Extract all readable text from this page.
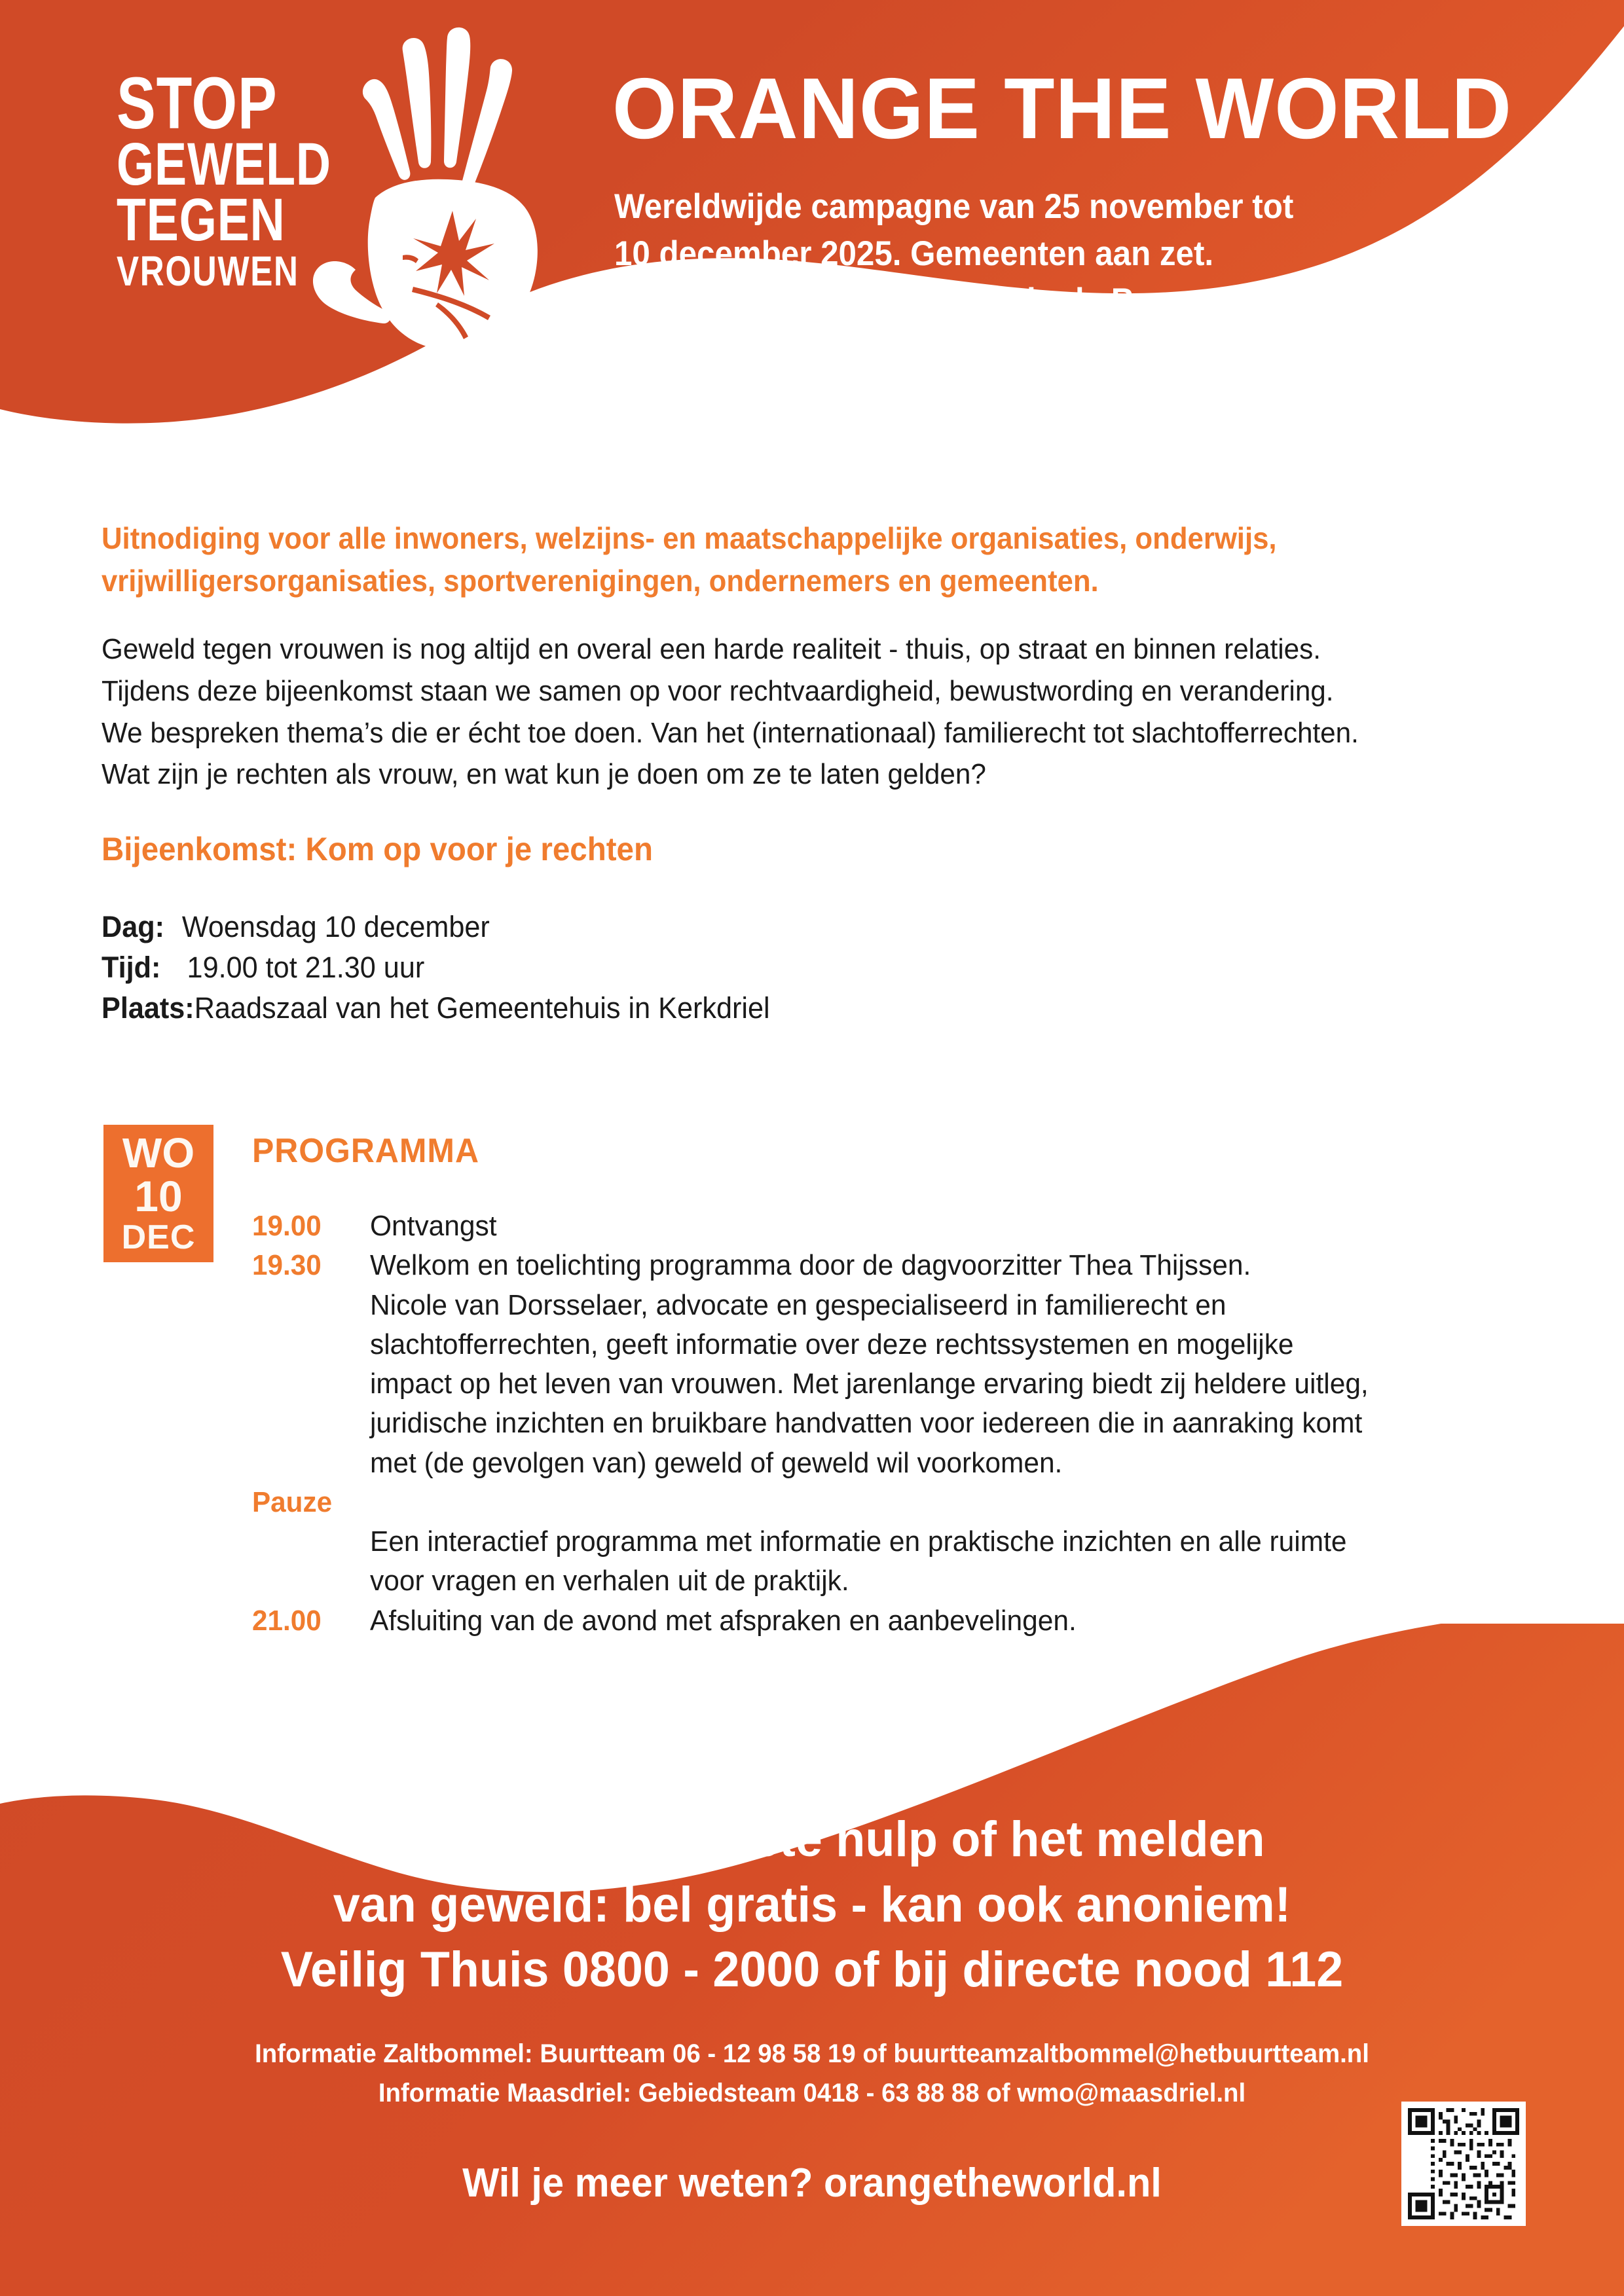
STOP
GEWELD
TEGEN
VROUWEN
ORANGE THE WORLD
Wereldwijde campagne van 25 november tot
10 december 2025. Gemeenten aan zet.
Veilig, overal en altijd, ook in de Bommelerwaard.
Uitnodiging voor alle inwoners, welzijns- en maatschappelijke organisaties, onderwijs,
vrijwilligersorganisaties, sportverenigingen, ondernemers en gemeenten.
Geweld tegen vrouwen is nog altijd en overal een harde realiteit - thuis, op straat en binnen relaties.
Tijdens deze bijeenkomst staan we samen op voor rechtvaardigheid, bewustwording en verandering.
We bespreken thema’s die er écht toe doen. Van het (internationaal) familierecht tot slachtofferrechten.
Wat zijn je rechten als vrouw, en wat kun je doen om ze te laten gelden?
Bijeenkomst: Kom op voor je rechten
Dag: Woensdag 10 december
Tijd: 19.00 tot 21.30 uur
Plaats:Raadszaal van het Gemeentehuis in Kerkdriel
WO
10
DEC
PROGRAMMA
19.00	Ontvangst
19.30	Welkom en toelichting programma door de dagvoorzitter Thea Thijssen.
Nicole van Dorsselaer, advocate en gespecialiseerd in familierecht en
slachtofferrechten, geeft informatie over deze rechtssystemen en mogelijke
impact op het leven van vrouwen. Met jarenlange ervaring biedt zij heldere uitleg,
juridische inzichten en bruikbare handvatten voor iedereen die in aanraking komt
met (de gevolgen van) geweld of geweld wil voorkomen.
Pauze

Een interactief programma met informatie en praktische inzichten en alle ruimte
voor vragen en verhalen uit de praktijk.
21.00	Afsluiting van de avond met afspraken en aanbevelingen.
Voor vragen, directe hulp of het melden
van geweld: bel gratis - kan ook anoniem!
Veilig Thuis 0800 - 2000 of bij directe nood 112
Informatie Zaltbommel: Buurtteam 06 - 12 98 58 19 of buurtteamzaltbommel@hetbuurtteam.nl
Informatie Maasdriel: Gebiedsteam 0418 - 63 88 88 of wmo@maasdriel.nl
Wil je meer weten? orangetheworld.nl
